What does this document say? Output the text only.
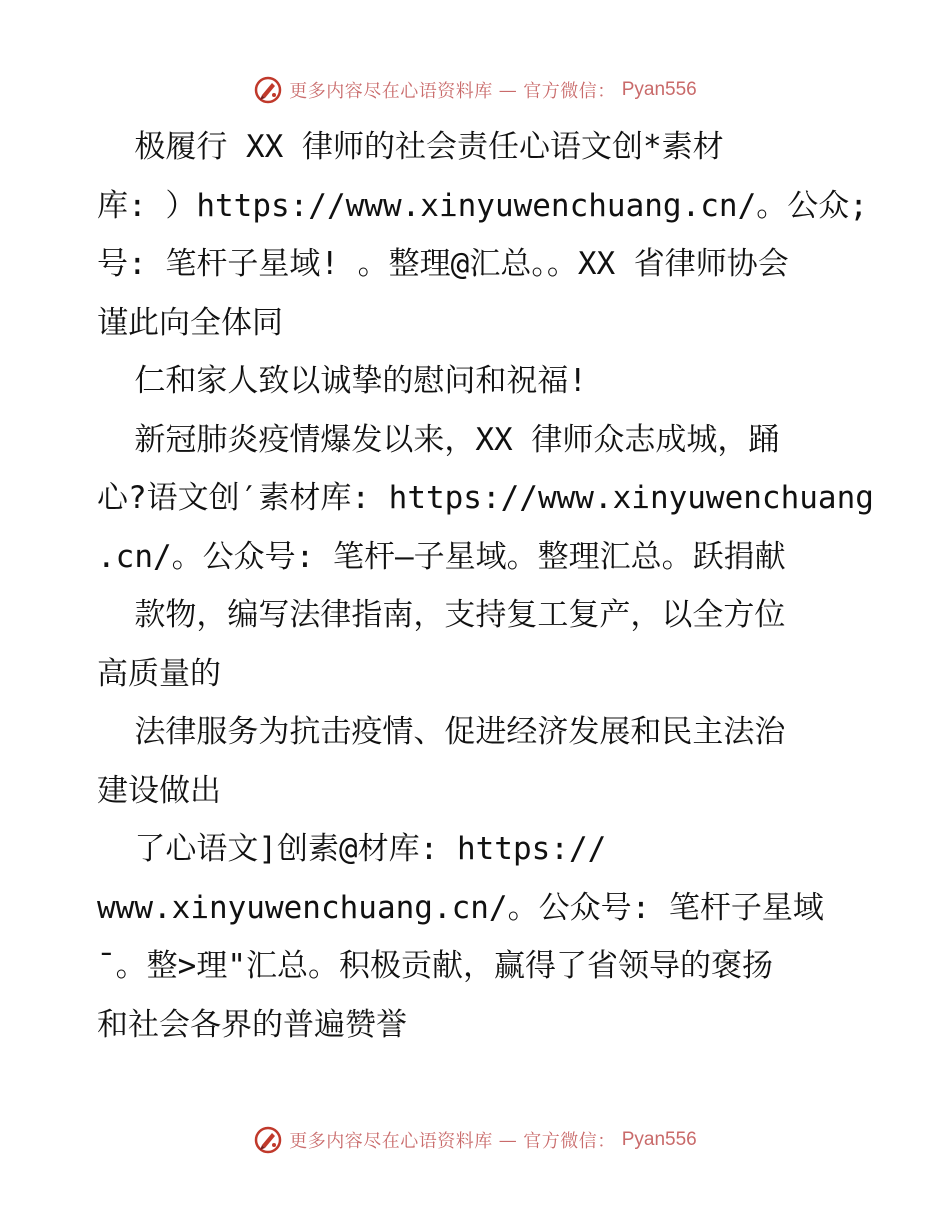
更多内容尽在心语资料库 — 官方微信： Pyan556
极履行 XX 律师的社会责任心语文创*素材
库: ）https://www.xinyuwenchuang.cn/。公众;
号: 笔杆子星域! 。整理@汇总。。XX 省律师协会
谨此向全体同
仁和家人致以诚挚的慰问和祝福!
新冠肺炎疫情爆发以来，XX 律师众志成城，踊
心?语文创′素材库: https://www.xinyuwenchuang
.cn/。公众号: 笔杆—子星域。整理汇总。跃捐献
款物，编写法律指南，支持复工复产，以全方位
高质量的
法律服务为抗击疫情、促进经济发展和民主法治
建设做出
了心语文]创素@材库: https://
www.xinyuwenchuang.cn/。公众号: 笔杆子星域
¯。整>理"汇总。积极贡献，赢得了省领导的褒扬
和社会各界的普遍赞誉
更多内容尽在心语资料库 — 官方微信： Pyan556
